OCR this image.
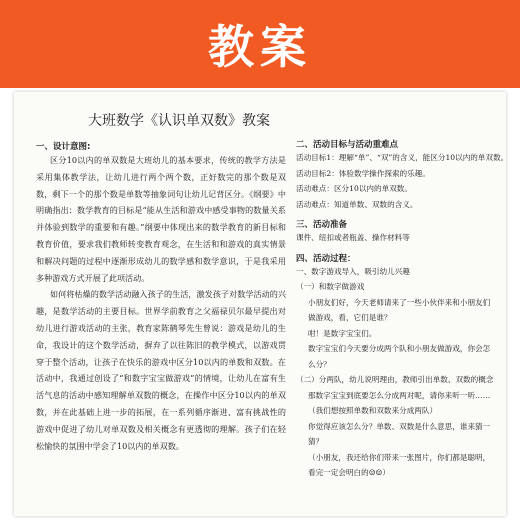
教案
大班数学《认识单双数》教案
一、设计意图:

区分10以内的单双数是大班幼儿的基本要求，传统的教学方法是采用集体教学法，让幼儿进行两个两个数，正好数完的那个数是双数，剩下一个的那个数是单数等抽象词句让幼儿记背区分。《纲要》中明确指出：数学教育的目标是“能从生活和游戏中感受事物的数量关系并体验到数学的重要和有趣。”纲要中体现出来的数学教育的新目标和教育价值，要求我们教师转变教育观念，在生活和和游戏的真实情景和解决问题的过程中逐渐形成幼儿的数学感和数学意识，于是我采用多种游戏方式开展了此项活动。

如何将枯燥的数学活动融入孩子的生活，激发孩子对数学活动的兴趣，是数学活动的主要目标。世界学前教育之父福禄贝尔最早提出对幼儿进行游戏活动的主张，教育家陈鹤琴先生曾说：游戏是幼儿的生命，我设计的这个数学活动，摒弃了以往陈旧的教学模式，以游戏贯穿于整个活动，让孩子在快乐的游戏中区分10以内的单数和双数。在活动中，我通过创设了“和数字宝宝做游戏”的情境，让幼儿在富有生活气息的活动中感知理解单双数的概念，在操作中区分10以内的单双数，并在此基础上进一步的拓展，在一系列循序渐进、富有挑战性的游戏中促进了幼儿对单双数及相关概念有更透彻的理解。孩子们在轻松愉快的氛围中学会了10以内的单双数。

二、活动目标与活动重难点

活动目标1：理解“单”、“双”的含义，能区分10以内的单双数。

活动目标2：体验数学操作探索的乐趣。

活动难点：区分10以内的单双数。

活动难点：知道单数、双数的含义。

三、活动准备

课件、纽扣或者瓶盖、操作材料等

四、活动过程：

一、数字游戏导入，吸引幼儿兴趣

（一）和数字做游戏

小朋友们好，今天老师请来了一些小伙伴来和小朋友们做游戏，看，它们是谁？

咁！是数字宝宝们。

数字宝宝们今天要分成两个队和小朋友做游戏，你会怎么分？

（二）分两队，幼儿说明理由，教师引出单数、双数的概念

那数字宝宝到底要怎么分成两对呢，请你来听一听……（我们想按照单数和双数来分成两队）

你觉得应该怎么分？单数、双数是什么意思，谁来猜一猜？

（小朋友，我还给你们带来一张图片，你们都是聪明，看完一定会明白的☺☺）
